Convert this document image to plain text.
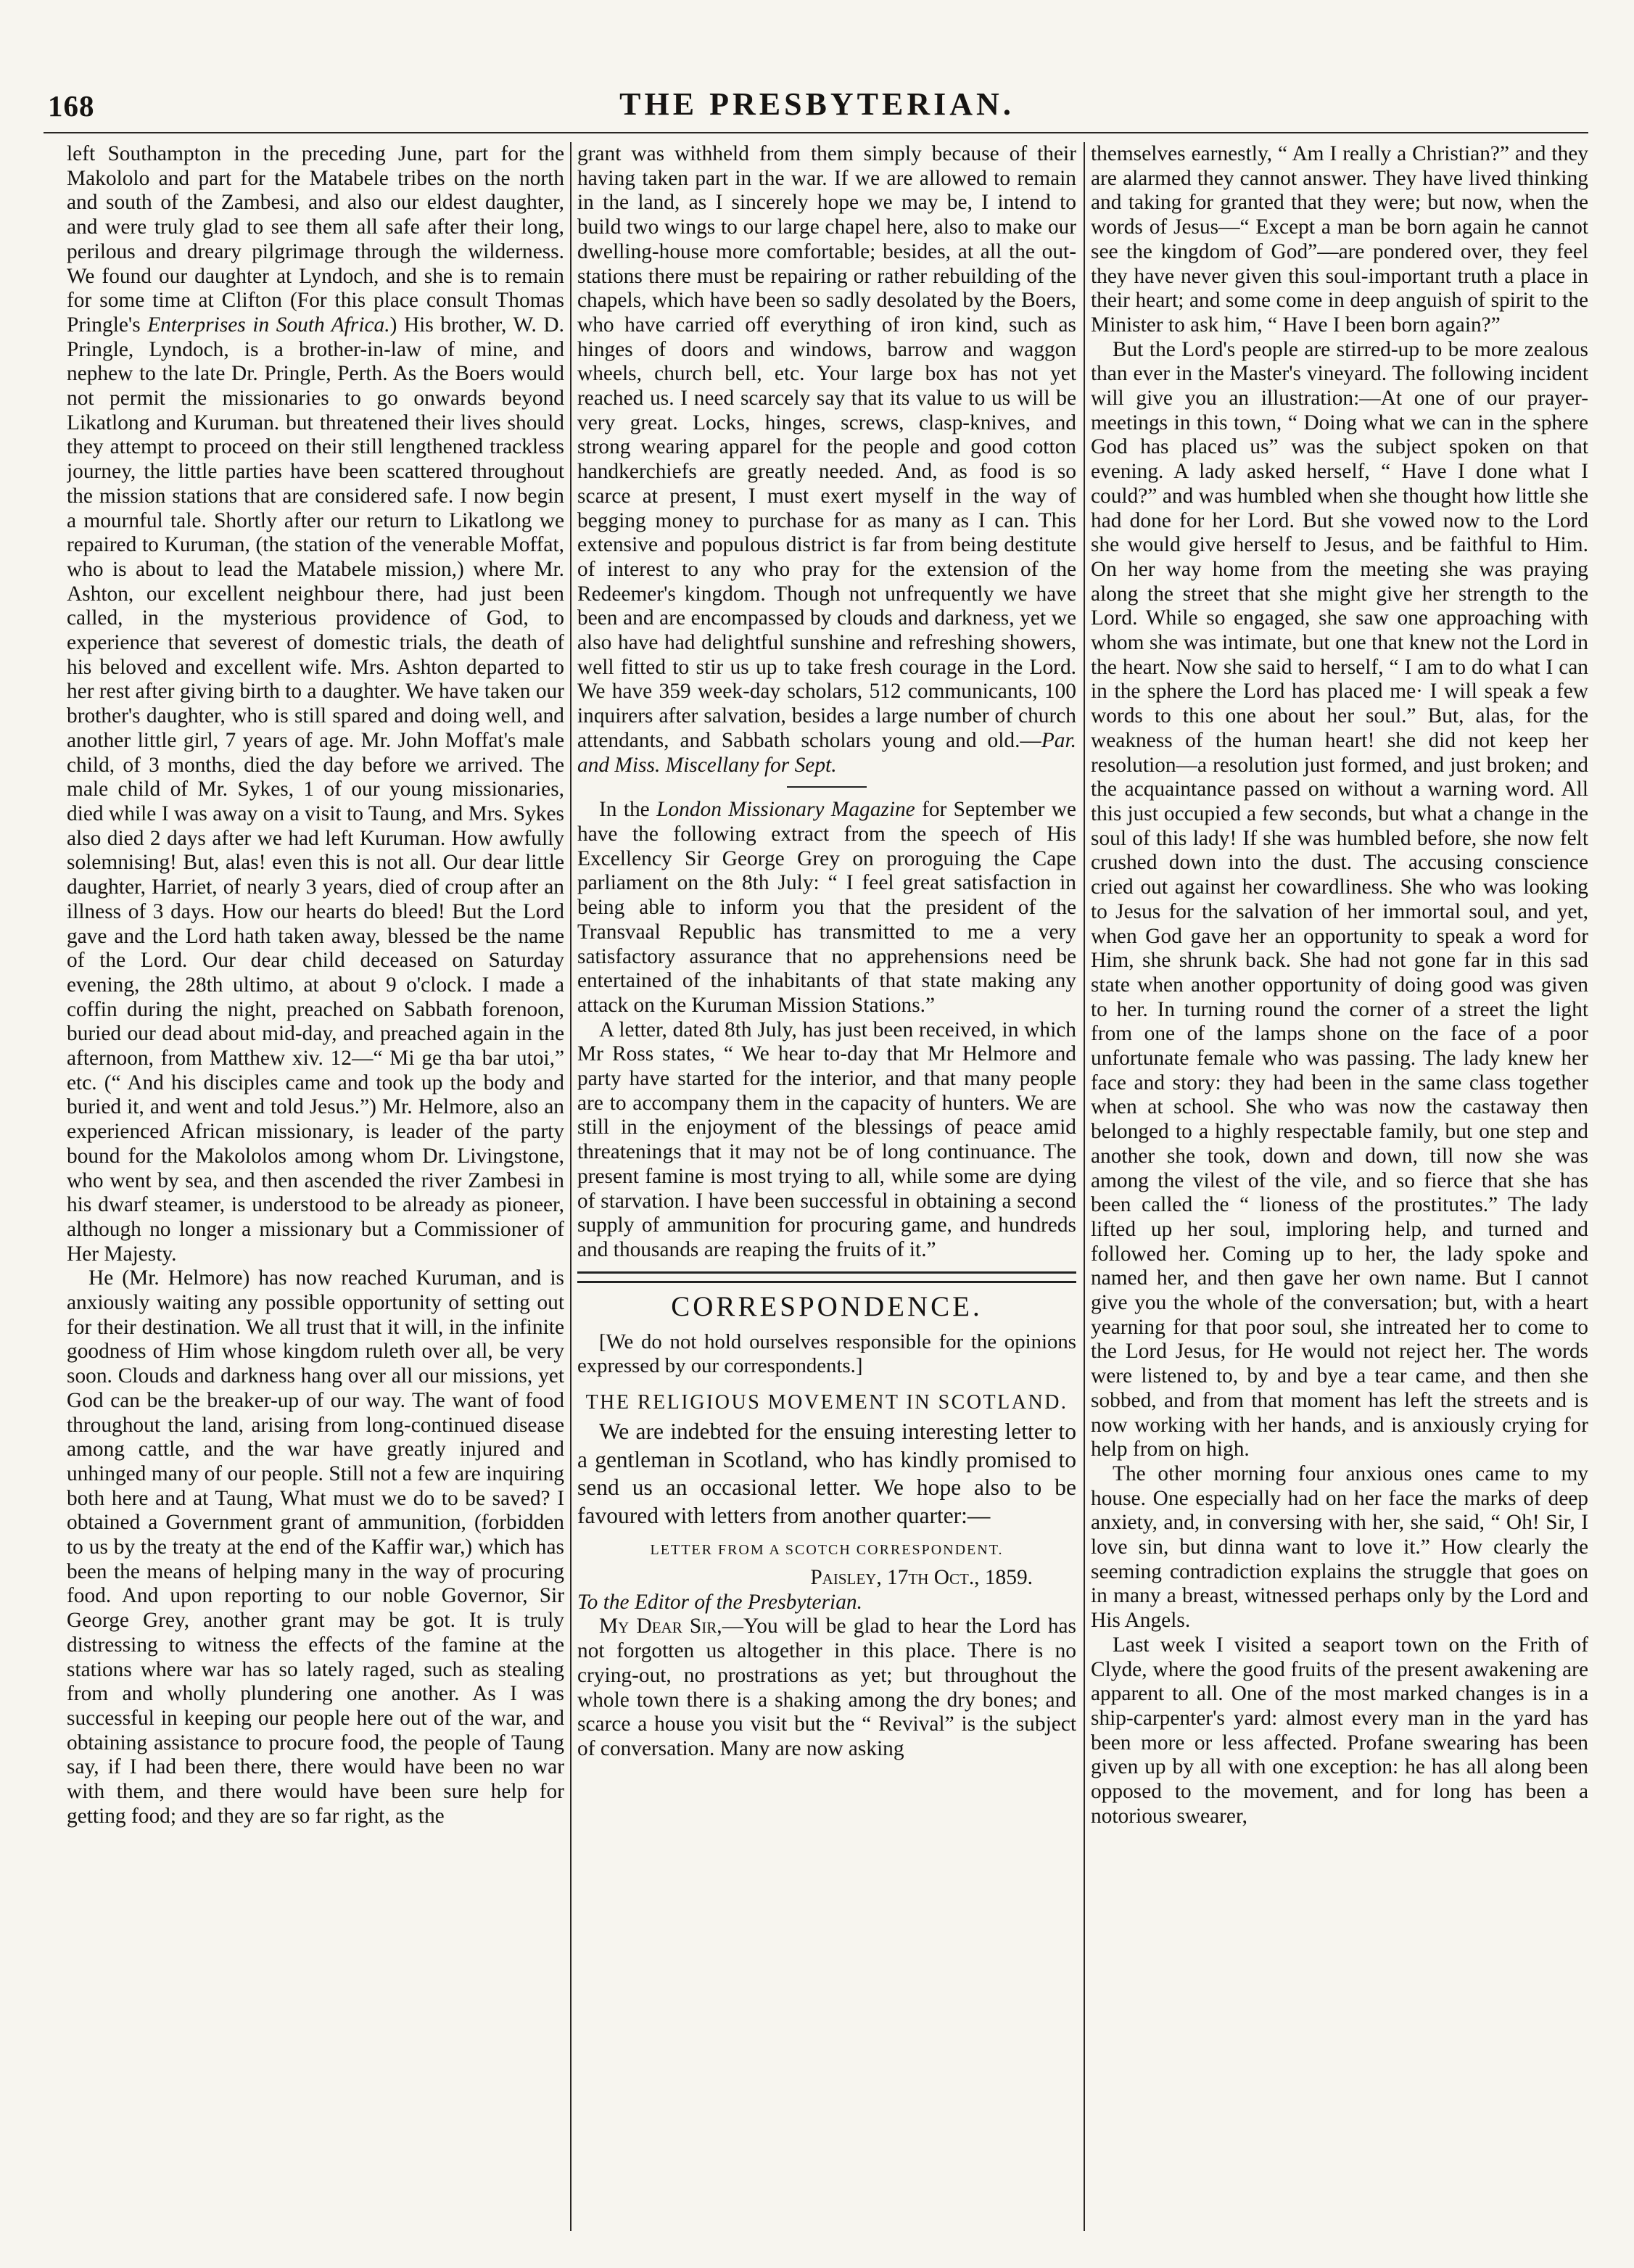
168	THE PRESBYTERIAN.

left Southampton in the preceding June, part for the Makololo and part for the Matabele tribes on the north and south of the Zambesi, and also our eldest daughter, and were truly glad to see them all safe after their long, perilous and dreary pilgrimage through the wilderness. We found our daughter at Lyndoch, and she is to remain for some time at Clifton (For this place consult Thomas Pringle's Enterprises in South Africa.) His brother, W. D. Pringle, Lyndoch, is a brother-in-law of mine, and nephew to the late Dr. Pringle, Perth. As the Boers would not permit the missionaries to go onwards beyond Likatlong and Kuruman. but threatened their lives should they attempt to proceed on their still lengthened trackless journey, the little parties have been scattered throughout the mission stations that are considered safe. I now begin a mournful tale. Shortly after our return to Likatlong we repaired to Kuruman, (the station of the venerable Moffat, who is about to lead the Matabele mission,) where Mr. Ashton, our excellent neighbour there, had just been called, in the mysterious providence of God, to experience that severest of domestic trials, the death of his beloved and excellent wife. Mrs. Ashton departed to her rest after giving birth to a daughter. We have taken our brother's daughter, who is still spared and doing well, and another little girl, 7 years of age. Mr. John Moffat's male child, of 3 months, died the day before we arrived. The male child of Mr. Sykes, 1 of our young missionaries, died while I was away on a visit to Taung, and Mrs. Sykes also died 2 days after we had left Kuruman. How awfully solemnising! But, alas! even this is not all. Our dear little daughter, Harriet, of nearly 3 years, died of croup after an illness of 3 days. How our hearts do bleed! But the Lord gave and the Lord hath taken away, blessed be the name of the Lord. Our dear child deceased on Saturday evening, the 28th ultimo, at about 9 o'clock. I made a coffin during the night, preached on Sabbath forenoon, buried our dead about mid-day, and preached again in the afternoon, from Matthew xiv. 12—“ Mi ge tha bar utoi,” etc. (“ And his disciples came and took up the body and buried it, and went and told Jesus.”) Mr. Helmore, also an experienced African missionary, is leader of the party bound for the Makololos among whom Dr. Livingstone, who went by sea, and then ascended the river Zambesi in his dwarf steamer, is understood to be already as pioneer, although no longer a missionary but a Commissioner of Her Majesty.

He (Mr. Helmore) has now reached Kuruman, and is anxiously waiting any possible opportunity of setting out for their destination. We all trust that it will, in the infinite goodness of Him whose kingdom ruleth over all, be very soon. Clouds and darkness hang over all our missions, yet God can be the breaker-up of our way. The want of food throughout the land, arising from long-continued disease among cattle, and the war have greatly injured and unhinged many of our people. Still not a few are inquiring both here and at Taung, What must we do to be saved? I obtained a Government grant of ammunition, (forbidden to us by the treaty at the end of the Kaffir war,) which has been the means of helping many in the way of procuring food. And upon reporting to our noble Governor, Sir George Grey, another grant may be got. It is truly distressing to witness the effects of the famine at the stations where war has so lately raged, such as stealing from and wholly plundering one another. As I was successful in keeping our people here out of the war, and obtaining assistance to procure food, the people of Taung say, if I had been there, there would have been no war with them, and there would have been sure help for getting food; and they are so far right, as the

grant was withheld from them simply because of their having taken part in the war. If we are allowed to remain in the land, as I sincerely hope we may be, I intend to build two wings to our large chapel here, also to make our dwelling-house more comfortable; besides, at all the out-stations there must be repairing or rather rebuilding of the chapels, which have been so sadly desolated by the Boers, who have carried off everything of iron kind, such as hinges of doors and windows, barrow and waggon wheels, church bell, etc. Your large box has not yet reached us. I need scarcely say that its value to us will be very great. Locks, hinges, screws, clasp-knives, and strong wearing apparel for the people and good cotton handkerchiefs are greatly needed. And, as food is so scarce at present, I must exert myself in the way of begging money to purchase for as many as I can. This extensive and populous district is far from being destitute of interest to any who pray for the extension of the Redeemer's kingdom. Though not unfrequently we have been and are encompassed by clouds and darkness, yet we also have had delightful sunshine and refreshing showers, well fitted to stir us up to take fresh courage in the Lord. We have 359 week-day scholars, 512 communicants, 100 inquirers after salvation, besides a large number of church attendants, and Sabbath scholars young and old.—Par. and Miss. Miscellany for Sept.

In the London Missionary Magazine for September we have the following extract from the speech of His Excellency Sir George Grey on proroguing the Cape parliament on the 8th July: “ I feel great satisfaction in being able to inform you that the president of the Transvaal Republic has transmitted to me a very satisfactory assurance that no apprehensions need be entertained of the inhabitants of that state making any attack on the Kuruman Mission Stations.”

A letter, dated 8th July, has just been received, in which Mr Ross states, “ We hear to-day that Mr Helmore and party have started for the interior, and that many people are to accompany them in the capacity of hunters. We are still in the enjoyment of the blessings of peace amid threatenings that it may not be of long continuance. The present famine is most trying to all, while some are dying of starvation. I have been successful in obtaining a second supply of ammunition for procuring game, and hundreds and thousands are reaping the fruits of it.”

CORRESPONDENCE.

[We do not hold ourselves responsible for the opinions expressed by our correspondents.]

THE RELIGIOUS MOVEMENT IN SCOTLAND.

We are indebted for the ensuing interesting letter to a gentleman in Scotland, who has kindly promised to send us an occasional letter. We hope also to be favoured with letters from another quarter:—

LETTER FROM A SCOTCH CORRESPONDENT.

Paisley, 17th Oct., 1859.

To the Editor of the Presbyterian.

My Dear Sir,—You will be glad to hear the Lord has not forgotten us altogether in this place. There is no crying-out, no prostrations as yet; but throughout the whole town there is a shaking among the dry bones; and scarce a house you visit but the “ Revival” is the subject of conversation. Many are now asking

themselves earnestly, “ Am I really a Christian?” and they are alarmed they cannot answer. They have lived thinking and taking for granted that they were; but now, when the words of Jesus—“ Except a man be born again he cannot see the kingdom of God”—are pondered over, they feel they have never given this soul-important truth a place in their heart; and some come in deep anguish of spirit to the Minister to ask him, “ Have I been born again?”

But the Lord's people are stirred-up to be more zealous than ever in the Master's vineyard. The following incident will give you an illustration:—At one of our prayer-meetings in this town, “ Doing what we can in the sphere God has placed us” was the subject spoken on that evening. A lady asked herself, “ Have I done what I could?” and was humbled when she thought how little she had done for her Lord. But she vowed now to the Lord she would give herself to Jesus, and be faithful to Him. On her way home from the meeting she was praying along the street that she might give her strength to the Lord. While so engaged, she saw one approaching with whom she was intimate, but one that knew not the Lord in the heart. Now she said to herself, “ I am to do what I can in the sphere the Lord has placed me· I will speak a few words to this one about her soul.” But, alas, for the weakness of the human heart! she did not keep her resolution—a resolution just formed, and just broken; and the acquaintance passed on without a warning word. All this just occupied a few seconds, but what a change in the soul of this lady! If she was humbled before, she now felt crushed down into the dust. The accusing conscience cried out against her cowardliness. She who was looking to Jesus for the salvation of her immortal soul, and yet, when God gave her an opportunity to speak a word for Him, she shrunk back. She had not gone far in this sad state when another opportunity of doing good was given to her. In turning round the corner of a street the light from one of the lamps shone on the face of a poor unfortunate female who was passing. The lady knew her face and story: they had been in the same class together when at school. She who was now the castaway then belonged to a highly respectable family, but one step and another she took, down and down, till now she was among the vilest of the vile, and so fierce that she has been called the “ lioness of the prostitutes.” The lady lifted up her soul, imploring help, and turned and followed her. Coming up to her, the lady spoke and named her, and then gave her own name. But I cannot give you the whole of the conversation; but, with a heart yearning for that poor soul, she intreated her to come to the Lord Jesus, for He would not reject her. The words were listened to, by and bye a tear came, and then she sobbed, and from that moment has left the streets and is now working with her hands, and is anxiously crying for help from on high.

The other morning four anxious ones came to my house. One especially had on her face the marks of deep anxiety, and, in conversing with her, she said, “ Oh! Sir, I love sin, but dinna want to love it.” How clearly the seeming contradiction explains the struggle that goes on in many a breast, witnessed perhaps only by the Lord and His Angels.

Last week I visited a seaport town on the Frith of Clyde, where the good fruits of the present awakening are apparent to all. One of the most marked changes is in a ship-carpenter's yard: almost every man in the yard has been more or less affected. Profane swearing has been given up by all with one exception: he has all along been opposed to the movement, and for long has been a notorious swearer,
